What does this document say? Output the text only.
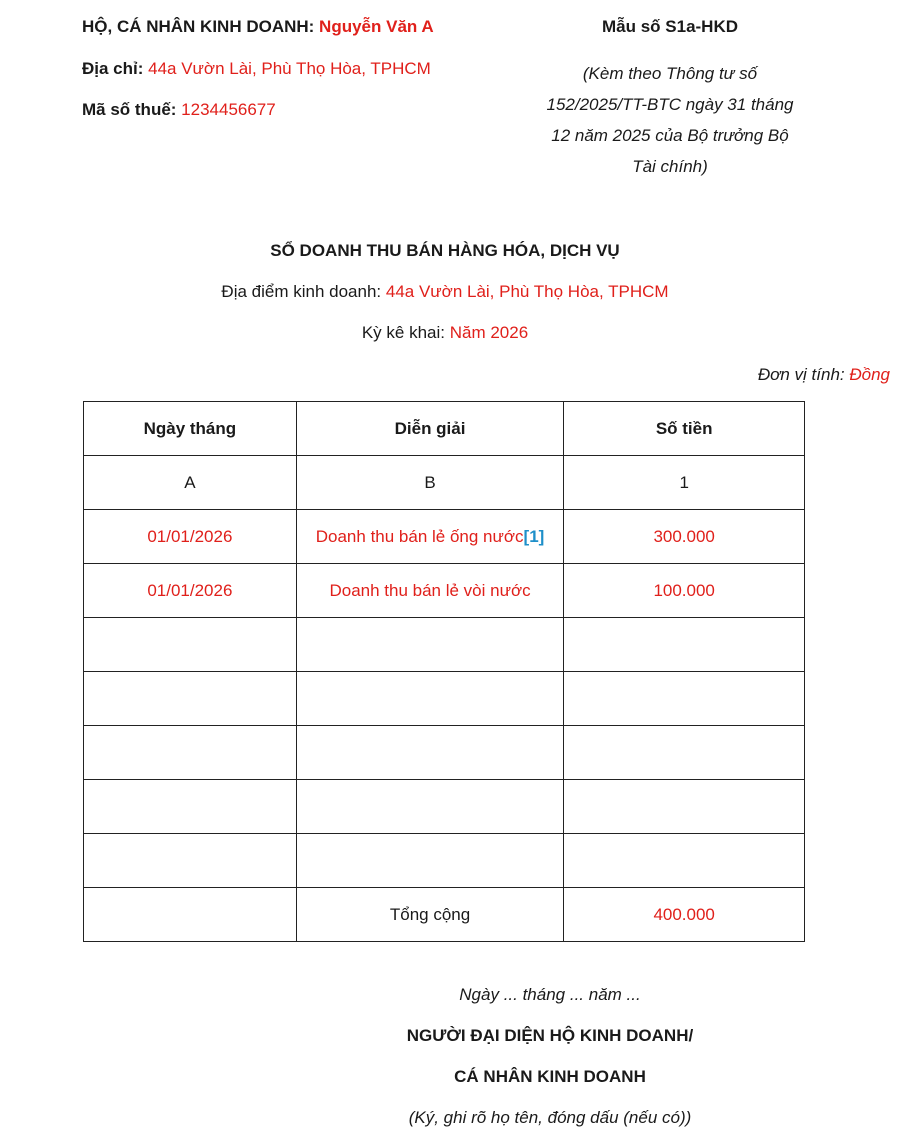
HỘ, CÁ NHÂN KINH DOANH: Nguyễn Văn A
Địa chỉ: 44a Vườn Lài, Phù Thọ Hòa, TPHCM
Mã số thuế: 1234456677
Mẫu số S1a-HKD
(Kèm theo Thông tư số
152/2025/TT-BTC ngày 31 tháng
12 năm 2025 của Bộ trưởng Bộ
Tài chính)
SỔ DOANH THU BÁN HÀNG HÓA, DỊCH VỤ
Địa điểm kinh doanh: 44a Vườn Lài, Phù Thọ Hòa, TPHCM
Kỳ kê khai: Năm 2026
Đơn vị tính: Đồng
Ngày tháng	Diễn giải	Số tiền
A	B	1
01/01/2026	Doanh thu bán lẻ ống nước[1]	300.000
01/01/2026	Doanh thu bán lẻ vòi nước	100.000

	Tổng cộng	400.000
Ngày ... tháng ... năm ...
NGƯỜI ĐẠI DIỆN HỘ KINH DOANH/
CÁ NHÂN KINH DOANH
(Ký, ghi rõ họ tên, đóng dấu (nếu có))
